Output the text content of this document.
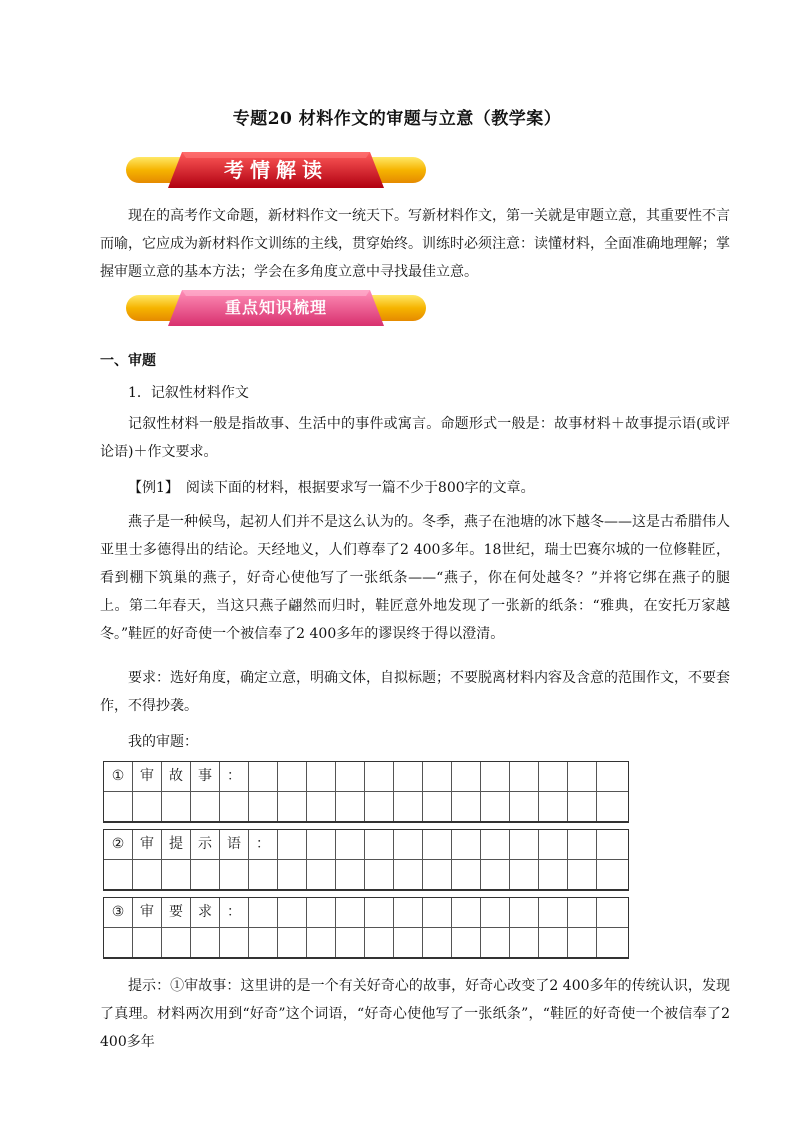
专题20 材料作文的审题与立意（教学案）
考情解读

现在的高考作文命题，新材料作文一统天下。写新材料作文，第一关就是审题立意，其重要性不言而喻，它应成为新材料作文训练的主线，贯穿始终。训练时必须注意：读懂材料，全面准确地理解；掌握审题立意的基本方法；学会在多角度立意中寻找最佳立意。

重点知识梳理
一、审题
1．记叙性材料作文

记叙性材料一般是指故事、生活中的事件或寓言。命题形式一般是：故事材料＋故事提示语(或评论语)＋作文要求。

【例1】　阅读下面的材料，根据要求写一篇不少于800字的文章。

燕子是一种候鸟，起初人们并不是这么认为的。冬季，燕子在池塘的冰下越冬——这是古希腊伟人亚里士多德得出的结论。天经地义，人们尊奉了2 400多年。18世纪，瑞士巴赛尔城的一位修鞋匠，看到棚下筑巢的燕子，好奇心使他写了一张纸条——“燕子，你在何处越冬？”并将它绑在燕子的腿上。第二年春天，当这只燕子翩然而归时，鞋匠意外地发现了一张新的纸条：“雅典，在安托万家越冬。”鞋匠的好奇使一个被信奉了2 400多年的谬误终于得以澄清。

要求：选好角度，确定立意，明确文体，自拟标题；不要脱离材料内容及含意的范围作文，不要套作，不得抄袭。

我的审题：
①	审	故	事	：
②	审	提	示	语	：
③	审	要	求	：

提示：①审故事：这里讲的是一个有关好奇心的故事，好奇心改变了2 400多年的传统认识，发现了真理。材料两次用到“好奇”这个词语，“好奇心使他写了一张纸条”，“鞋匠的好奇使一个被信奉了2 400多年
